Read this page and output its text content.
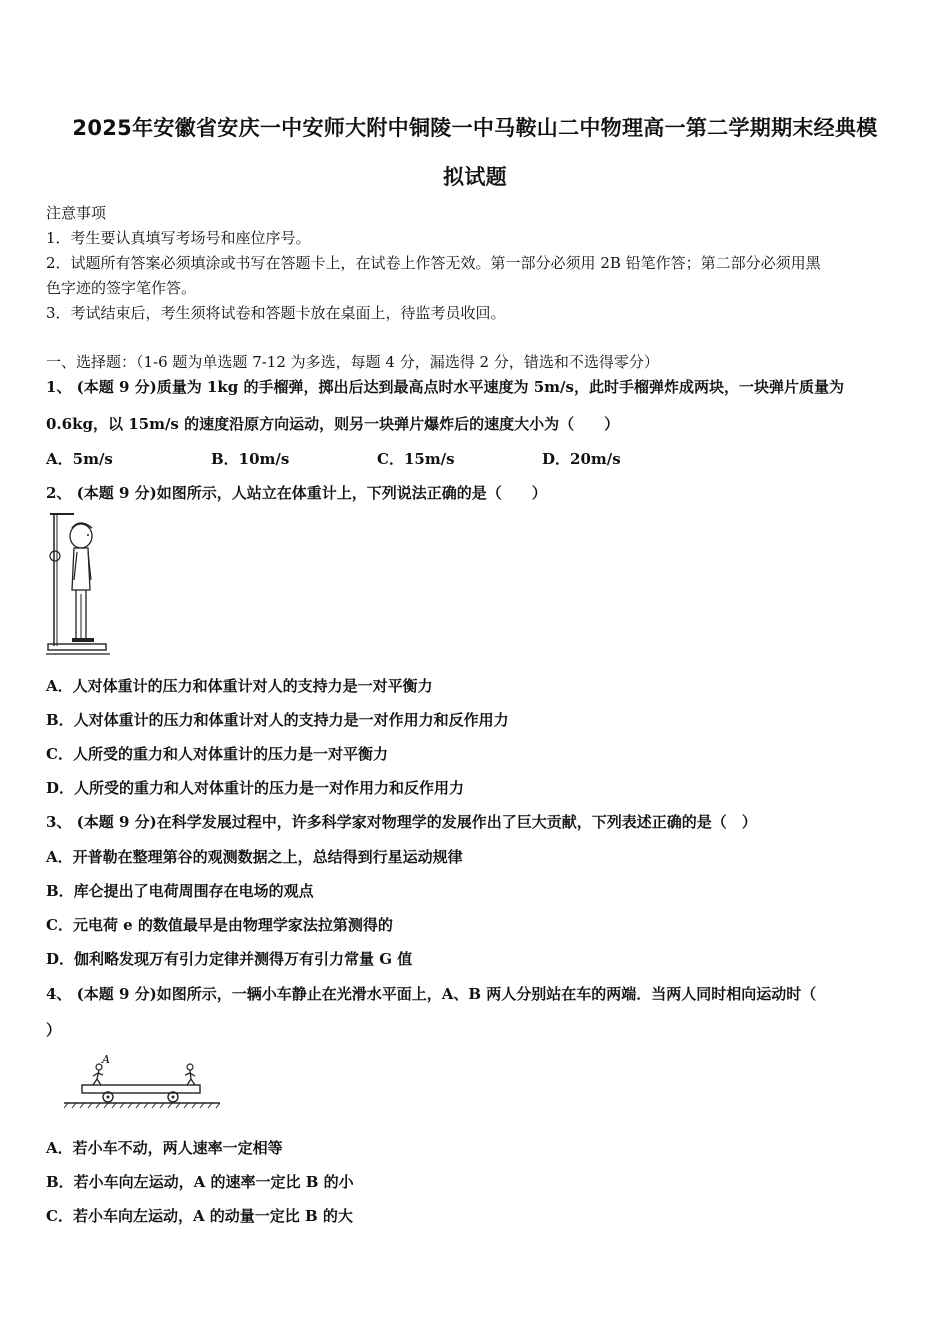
2025年安徽省安庆一中安师大附中铜陵一中马鞍山二中物理高一第二学期期末经典模
拟试题
注意事项
1．考生要认真填写考场号和座位序号。
2．试题所有答案必须填涂或书写在答题卡上，在试卷上作答无效。第一部分必须用 2B 铅笔作答；第二部分必须用黑
色字迹的签字笔作答。
3．考试结束后，考生须将试卷和答题卡放在桌面上，待监考员收回。
一、选择题：（1-6 题为单选题 7-12 为多选，每题 4 分，漏选得 2 分，错选和不选得零分）
1、 (本题 9 分)质量为 1kg 的手榴弹，掷出后达到最高点时水平速度为 5m/s，此时手榴弹炸成两块，一块弹片质量为
0.6kg，以 15m/s 的速度沿原方向运动，则另一块弹片爆炸后的速度大小为（　　）
A．5m/s	B．10m/s	C．15m/s	D．20m/s
2、 (本题 9 分)如图所示，人站立在体重计上，下列说法正确的是（　　）
A．人对体重计的压力和体重计对人的支持力是一对平衡力
B．人对体重计的压力和体重计对人的支持力是一对作用力和反作用力
C．人所受的重力和人对体重计的压力是一对平衡力
D．人所受的重力和人对体重计的压力是一对作用力和反作用力
3、 (本题 9 分)在科学发展过程中，许多科学家对物理学的发展作出了巨大贡献，下列表述正确的是（　）
A．开普勒在整理第谷的观测数据之上，总结得到行星运动规律
B．库仑提出了电荷周围存在电场的观点
C．元电荷 e 的数值最早是由物理学家法拉第测得的
D．伽利略发现万有引力定律并测得万有引力常量 G 值
4、 (本题 9 分)如图所示，一辆小车静止在光滑水平面上，A、B 两人分别站在车的两端．当两人同时相向运动时（
）
A
A．若小车不动，两人速率一定相等
B．若小车向左运动，A 的速率一定比 B 的小
C．若小车向左运动，A 的动量一定比 B 的大
